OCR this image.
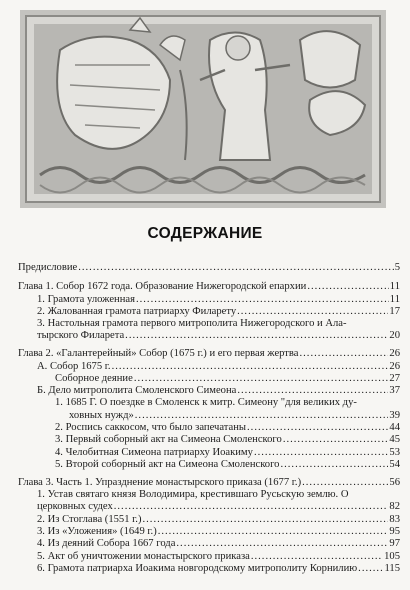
СОДЕРЖАНИЕ
Предисловие .....	5
Глава 1. Собор 1672 года. Образование Нижегородской епархии .....	11
1. Грамота уложенная .....	11
2. Жалованная грамота патриарху Филарету .....	17
3. Настольная грамота первого митрополита Нижегородского и Ала-
тырского Филарета .....	20
Глава 2. «Галантерейный» Собор (1675 г.) и его первая жертва .....	26
А. Собор 1675 г. .....	26
Соборное деяние .....	27
Б. Дело митрополита Смоленского Симеона .....	37
1. 1685 Г. О поездке в Смоленск к митр. Симеону "для великих ду-
ховных нужд» .....	39
2. Роспись саккосом, что было запечатаны .....	44
3. Первый соборный акт на Симеона Смоленского .....	45
4. Челобитная Симеона патриарху Иоакиму .....	53
5. Второй соборный акт на Симеона Смоленского .....	54
Глава 3. Часть 1. Упразднение монастырского приказа (1677 г.) .....	56
1. Устав святаго князя Володимира, крестившаго Русьскую землю. О
церковных судех .....	82
2. Из Стоглава (1551 г.) .....	83
3. Из «Уложения» (1649 г.) .....	95
4. Из деяний Собора 1667 года .....	97
5. Акт об уничтожении монастырского приказа .....	105
6. Грамота патриарха Иоакима новгородскому митрополиту Корнилию .....	115
